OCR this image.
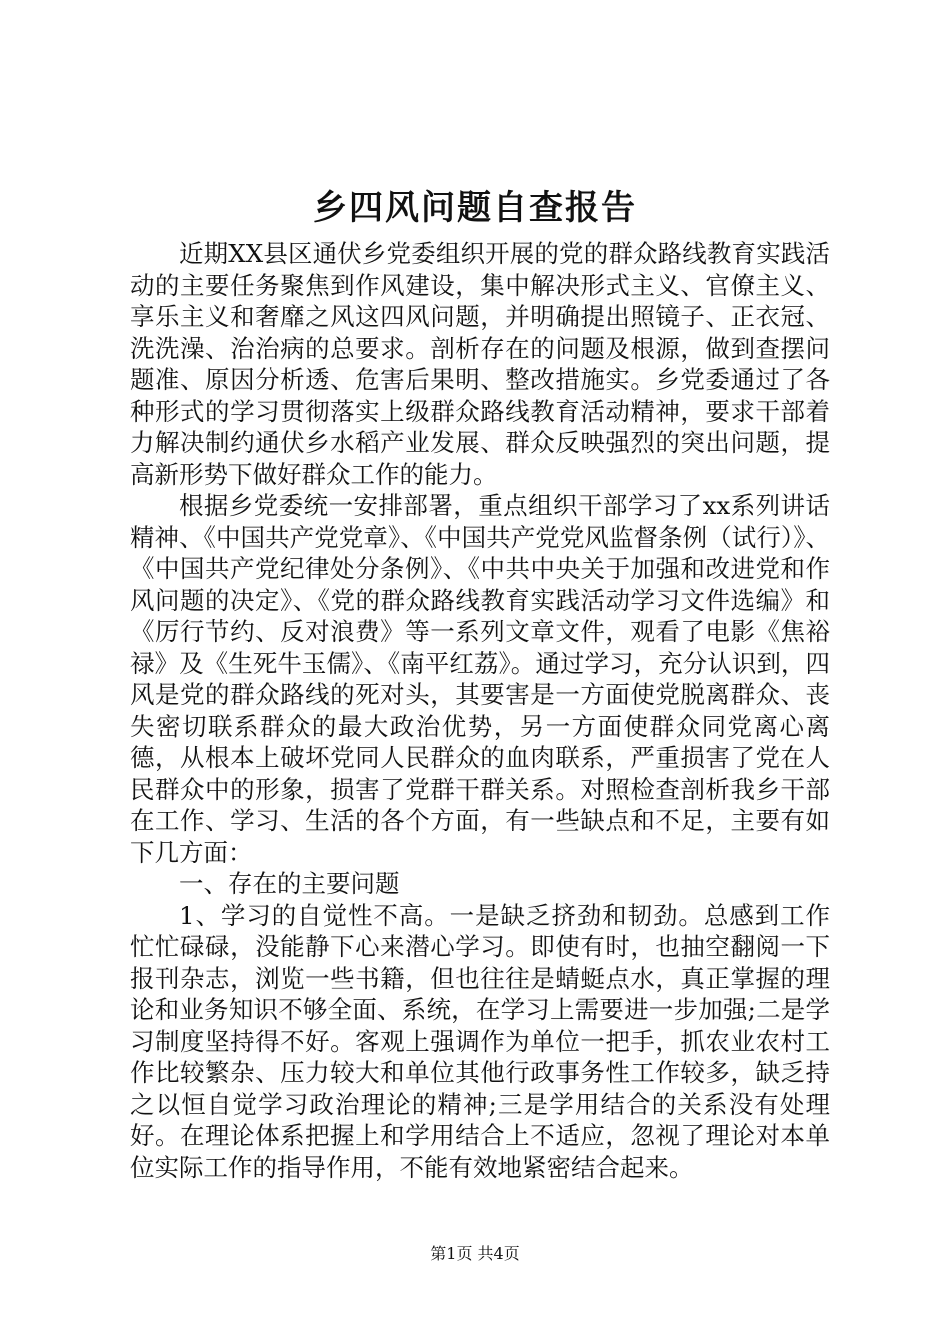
乡四风问题自查报告

近期XX县区通伏乡党委组织开展的党的群众路线教育实践活动的主要任务聚焦到作风建设，集中解决形式主义、官僚主义、享乐主义和奢靡之风这四风问题，并明确提出照镜子、正衣冠、洗洗澡、治治病的总要求。剖析存在的问题及根源，做到查摆问题准、原因分析透、危害后果明、整改措施实。乡党委通过了各种形式的学习贯彻落实上级群众路线教育活动精神，要求干部着力解决制约通伏乡水稻产业发展、群众反映强烈的突出问题，提高新形势下做好群众工作的能力。

根据乡党委统一安排部署，重点组织干部学习了xx系列讲话精神、《中国共产党党章》、《中国共产党党风监督条例（试行）》、《中国共产党纪律处分条例》、《中共中央关于加强和改进党和作风问题的决定》、《党的群众路线教育实践活动学习文件选编》和《厉行节约、反对浪费》等一系列文章文件，观看了电影《焦裕禄》及《生死牛玉儒》、《南平红荔》。通过学习，充分认识到，四风是党的群众路线的死对头，其要害是一方面使党脱离群众、丧失密切联系群众的最大政治优势，另一方面使群众同党离心离德，从根本上破坏党同人民群众的血肉联系，严重损害了党在人民群众中的形象，损害了党群干群关系。对照检查剖析我乡干部在工作、学习、生活的各个方面，有一些缺点和不足，主要有如下几方面：

一、存在的主要问题

1、学习的自觉性不高。一是缺乏挤劲和韧劲。总感到工作忙忙碌碌，没能静下心来潜心学习。即使有时，也抽空翻阅一下报刊杂志，浏览一些书籍，但也往往是蜻蜓点水，真正掌握的理论和业务知识不够全面、系统，在学习上需要进一步加强;二是学习制度坚持得不好。客观上强调作为单位一把手，抓农业农村工作比较繁杂、压力较大和单位其他行政事务性工作较多，缺乏持之以恒自觉学习政治理论的精神;三是学用结合的关系没有处理好。在理论体系把握上和学用结合上不适应，忽视了理论对本单位实际工作的指导作用，不能有效地紧密结合起来。

第1页 共4页
